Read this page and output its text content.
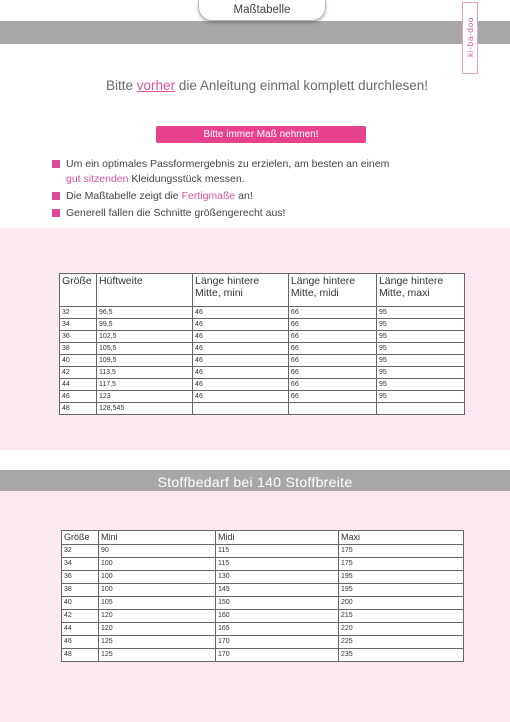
Maßtabelle
ki-ba-doo
Bitte vorher die Anleitung einmal komplett durchlesen!
Bitte immer Maß nehmen!
Um ein optimales Passformergebnis zu erzielen, am besten an einem
gut sitzenden Kleidungsstück messen.
Die Maßtabelle zeigt die Fertigmaße an!
Generell fallen die Schnitte größengerecht aus!
Größe	Hüftweite	Länge hintere Mitte, mini	Länge hintere Mitte, midi	Länge hintere Mitte, maxi
32	96,5	46	66	95
34	99,5	46	66	95
36	102,5	46	66	95
38	105,5	46	66	95
40	109,5	46	66	95
42	113,5	46	66	95
44	117,5	46	66	95
46	123	46	66	95
48	128,545			
Stoffbedarf bei 140 Stoffbreite
Größe	Mini	Midi	Maxi
32	90	115	175
34	100	115	175
36	100	130	195
38	100	145	195
40	105	150	200
42	120	160	215
44	120	165	220
46	125	170	225
48	125	170	235
